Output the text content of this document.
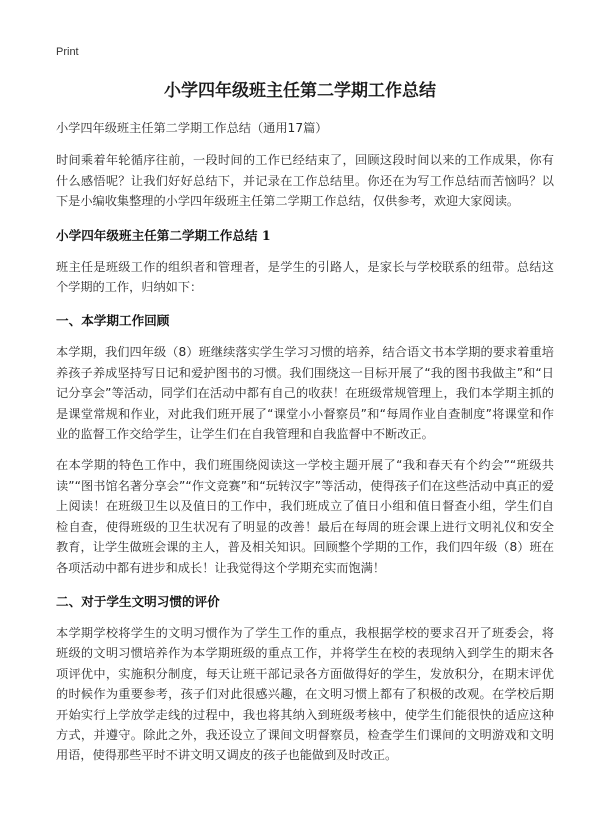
Print
小学四年级班主任第二学期工作总结

小学四年级班主任第二学期工作总结（通用17篇）

时间乘着年轮循序往前，一段时间的工作已经结束了，回顾这段时间以来的工作成果，你有什么感悟呢？让我们好好总结下，并记录在工作总结里。你还在为写工作总结而苦恼吗？以下是小编收集整理的小学四年级班主任第二学期工作总结，仅供参考，欢迎大家阅读。

小学四年级班主任第二学期工作总结 1

班主任是班级工作的组织者和管理者，是学生的引路人，是家长与学校联系的纽带。总结这个学期的工作，归纳如下：

一、本学期工作回顾

本学期，我们四年级（8）班继续落实学生学习习惯的培养，结合语文书本学期的要求着重培养孩子养成坚持写日记和爱护图书的习惯。我们围绕这一目标开展了“我的图书我做主”和“日记分享会”等活动，同学们在活动中都有自己的收获！在班级常规管理上，我们本学期主抓的是课堂常规和作业，对此我们班开展了“课堂小小督察员”和“每周作业自查制度”将课堂和作业的监督工作交给学生，让学生们在自我管理和自我监督中不断改正。

在本学期的特色工作中，我们班围绕阅读这一学校主题开展了“我和春天有个约会”“班级共读”“图书馆名著分享会”“作文竞赛”和“玩转汉字”等活动，使得孩子们在这些活动中真正的爱上阅读！在班级卫生以及值日的工作中，我们班成立了值日小组和值日督查小组，学生们自检自查，使得班级的卫生状况有了明显的改善！最后在每周的班会课上进行文明礼仪和安全教育，让学生做班会课的主人，普及相关知识。回顾整个学期的工作，我们四年级（8）班在各项活动中都有进步和成长！让我觉得这个学期充实而饱满！

二、对于学生文明习惯的评价

本学期学校将学生的文明习惯作为了学生工作的重点，我根据学校的要求召开了班委会，将班级的文明习惯培养作为本学期班级的重点工作，并将学生在校的表现纳入到学生的期末各项评优中，实施积分制度，每天让班干部记录各方面做得好的学生，发放积分，在期末评优的时候作为重要参考，孩子们对此很感兴趣，在文明习惯上都有了积极的改观。在学校后期开始实行上学放学走线的过程中，我也将其纳入到班级考核中，使学生们能很快的适应这种方式，并遵守。除此之外，我还设立了课间文明督察员，检查学生们课间的文明游戏和文明用语，使得那些平时不讲文明又调皮的孩子也能做到及时改正。
